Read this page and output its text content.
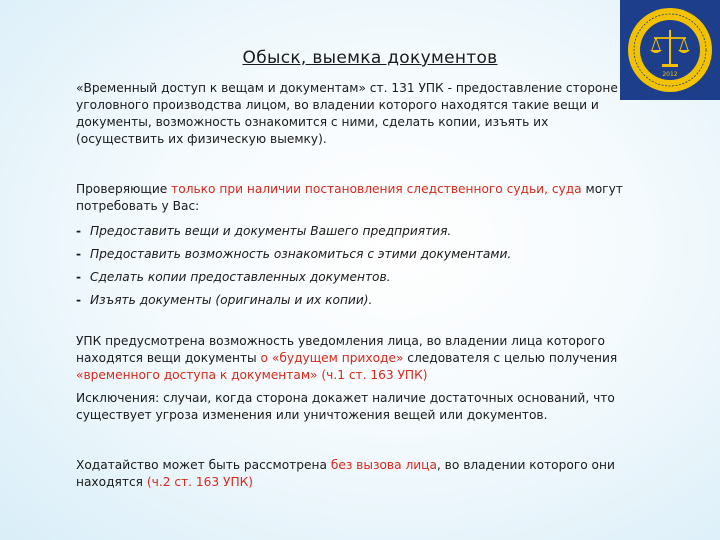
Обыск, выемка документов
2012

«Временный доступ к вещам и документам» ст. 131 УПК - предоставление стороне уголовного производства лицом, во владении которого находятся такие вещи и документы, возможность ознакомится с ними, сделать копии, изъять их (осуществить их физическую выемку).

Проверяющие только при наличии постановления следственного судьи, суда могут потребовать у Вас:

- Предоставить вещи и документы Вашего предприятия.
- Предоставить возможность ознакомиться с этими документами.
- Сделать копии предоставленных документов.
- Изъять документы (оригиналы и их копии).

УПК предусмотрена возможность уведомления лица, во владении лица которого находятся вещи документы о «будущем приходе» следователя с целью получения «временного доступа к документам» (ч.1 ст. 163 УПК)

Исключения: случаи, когда сторона докажет наличие достаточных оснований, что существует угроза изменения или уничтожения вещей или документов.

Ходатайство может быть рассмотрена без вызова лица, во владении которого они находятся (ч.2 ст. 163 УПК)
